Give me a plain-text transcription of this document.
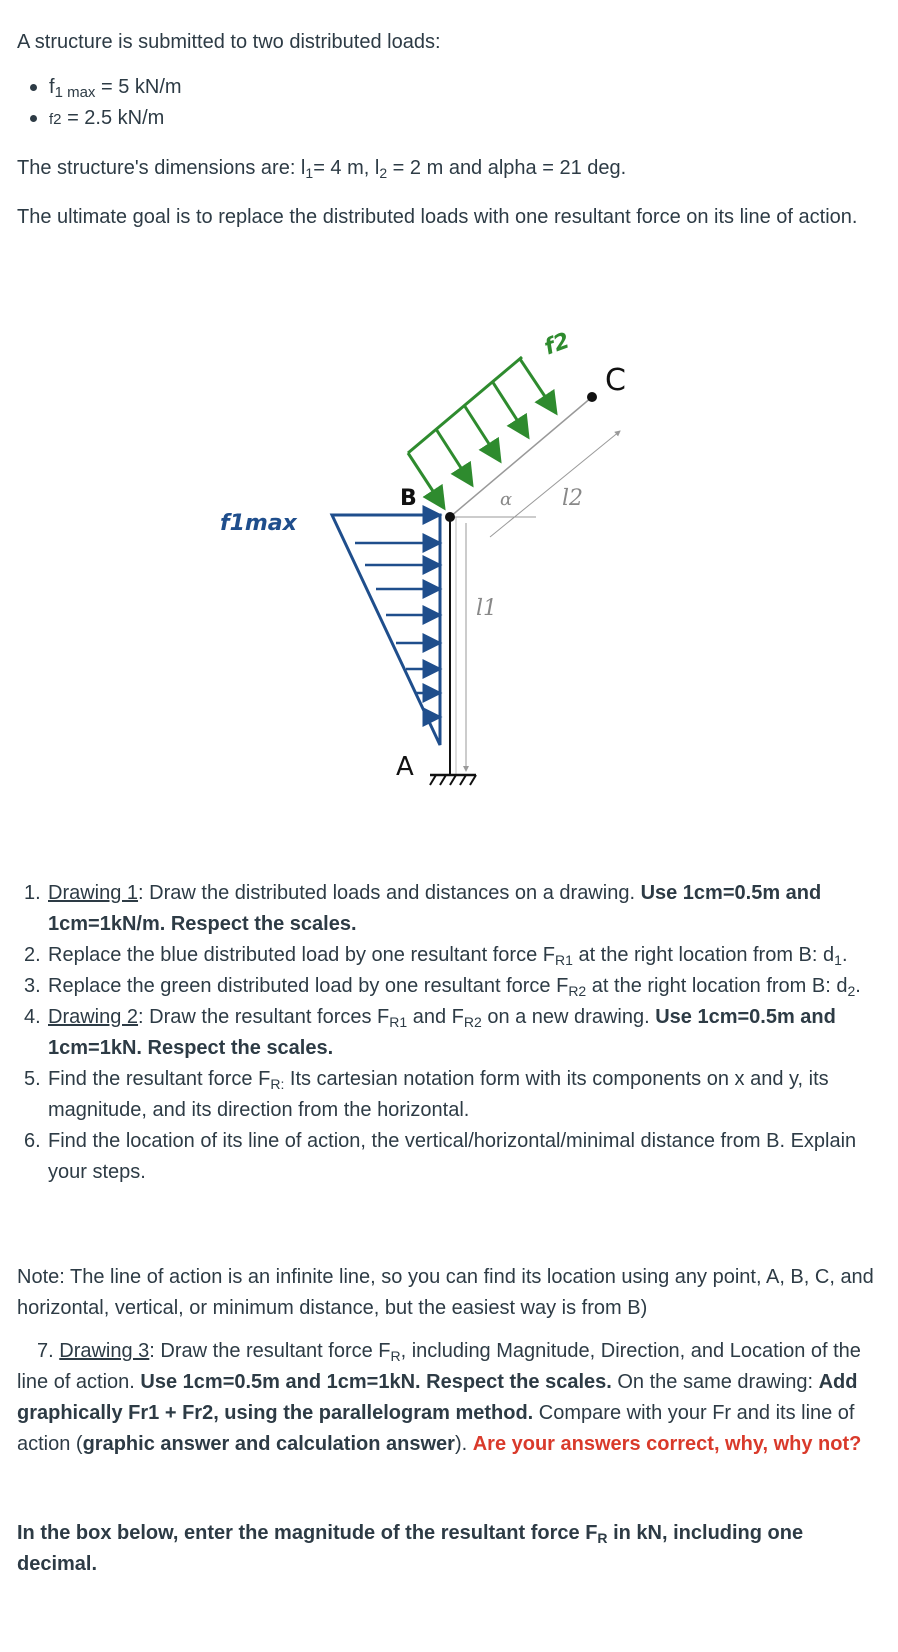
A structure is submitted to two distributed loads:

$f_{1 max} = 5$ kN/m
f2 = 2.5 kN/m

The structure's dimensions are: $l_1= 4$ m, $l_2 = 2$ m and alpha = 21 deg.

The ultimate goal is to replace the distributed loads with one resultant force on its line of action.

f1max
f2
C
B
A
α
l1
l2
1. Drawing 1: Draw the distributed loads and distances on a drawing. Use 1cm=0.5m and 1cm=1kN/m. Respect the scales.
2. Replace the blue distributed load by one resultant force $F_{R1}$ at the right location from B: $d_1$.
3. Replace the green distributed load by one resultant force $F_{R2}$ at the right location from B: $d_2$.
4. Drawing 2: Draw the resultant forces $F_{R1}$ and $F_{R2}$ on a new drawing. Use 1cm=0.5m and 1cm=1kN. Respect the scales.
5. Find the resultant force $F_{R:}$ Its cartesian notation form with its components on x and y, its magnitude, and its direction from the horizontal.
6. Find the location of its line of action, the vertical/horizontal/minimal distance from B. Explain your steps.

Note: The line of action is an infinite line, so you can find its location using any point, A, B, C, and horizontal, vertical, or minimum distance, but the easiest way is from B)

7. Drawing 3: Draw the resultant force $F_R$, including Magnitude, Direction, and Location of the line of action. Use 1cm=0.5m and 1cm=1kN. Respect the scales. On the same drawing: Add graphically Fr1 + Fr2, using the parallelogram method. Compare with your Fr and its line of action (graphic answer and calculation answer). Are your answers correct, why, why not?

In the box below, enter the magnitude of the resultant force $F_R$ in kN, including one decimal.
